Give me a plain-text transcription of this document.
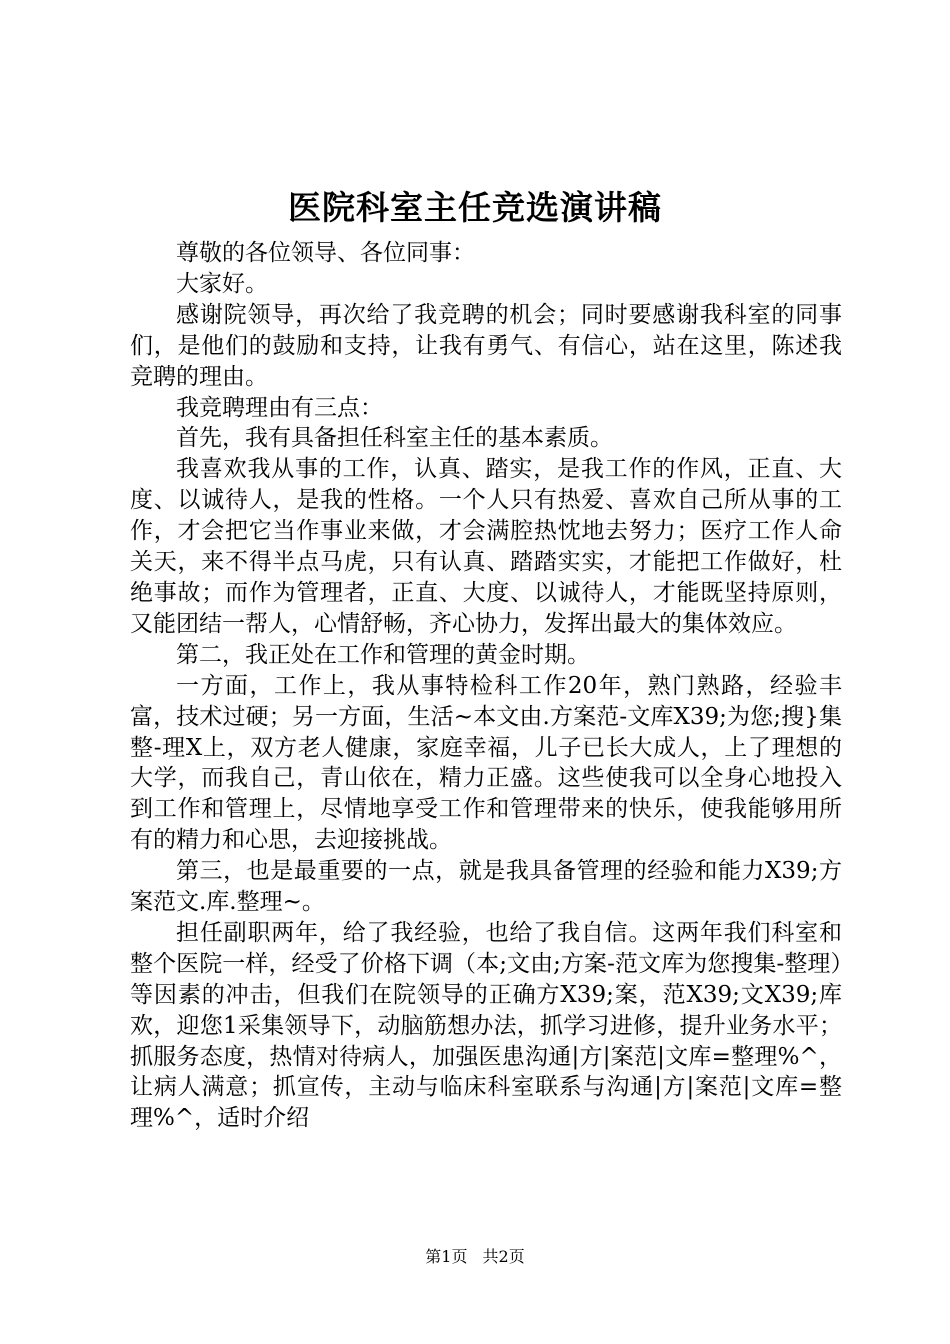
医院科室主任竞选演讲稿

尊敬的各位领导、各位同事：

大家好。

感谢院领导，再次给了我竞聘的机会；同时要感谢我科室的同事们，是他们的鼓励和支持，让我有勇气、有信心，站在这里，陈述我竞聘的理由。

我竞聘理由有三点：

首先，我有具备担任科室主任的基本素质。

我喜欢我从事的工作，认真、踏实，是我工作的作风，正直、大度、以诚待人，是我的性格。一个人只有热爱、喜欢自己所从事的工作，才会把它当作事业来做，才会满腔热忱地去努力；医疗工作人命关天，来不得半点马虎，只有认真、踏踏实实，才能把工作做好，杜绝事故；而作为管理者，正直、大度、以诚待人，才能既坚持原则，又能团结一帮人，心情舒畅，齐心协力，发挥出最大的集体效应。

第二，我正处在工作和管理的黄金时期。

一方面，工作上，我从事特检科工作20年，熟门熟路，经验丰富，技术过硬；另一方面，生活~本文由.方案范-文库X39;为您;搜}集整-理X上，双方老人健康，家庭幸福，儿子已长大成人，上了理想的大学，而我自己，青山依在，精力正盛。这些使我可以全身心地投入到工作和管理上，尽情地享受工作和管理带来的快乐，使我能够用所有的精力和心思，去迎接挑战。

第三，也是最重要的一点，就是我具备管理的经验和能力X39;方案范文.库.整理~。

担任副职两年，给了我经验，也给了我自信。这两年我们科室和整个医院一样，经受了价格下调（本;文由;方案-范文库为您搜集-整理）等因素的冲击，但我们在院领导的正确方X39;案，范X39;文X39;库欢，迎您1采集领导下，动脑筋想办法，抓学习进修，提升业务水平；抓服务态度，热情对待病人，加强医患沟通|方|案范|文库=整理%^，让病人满意；抓宣传，主动与临床科室联系与沟通|方|案范|文库=整理%^，适时介绍

第1页 共2页
